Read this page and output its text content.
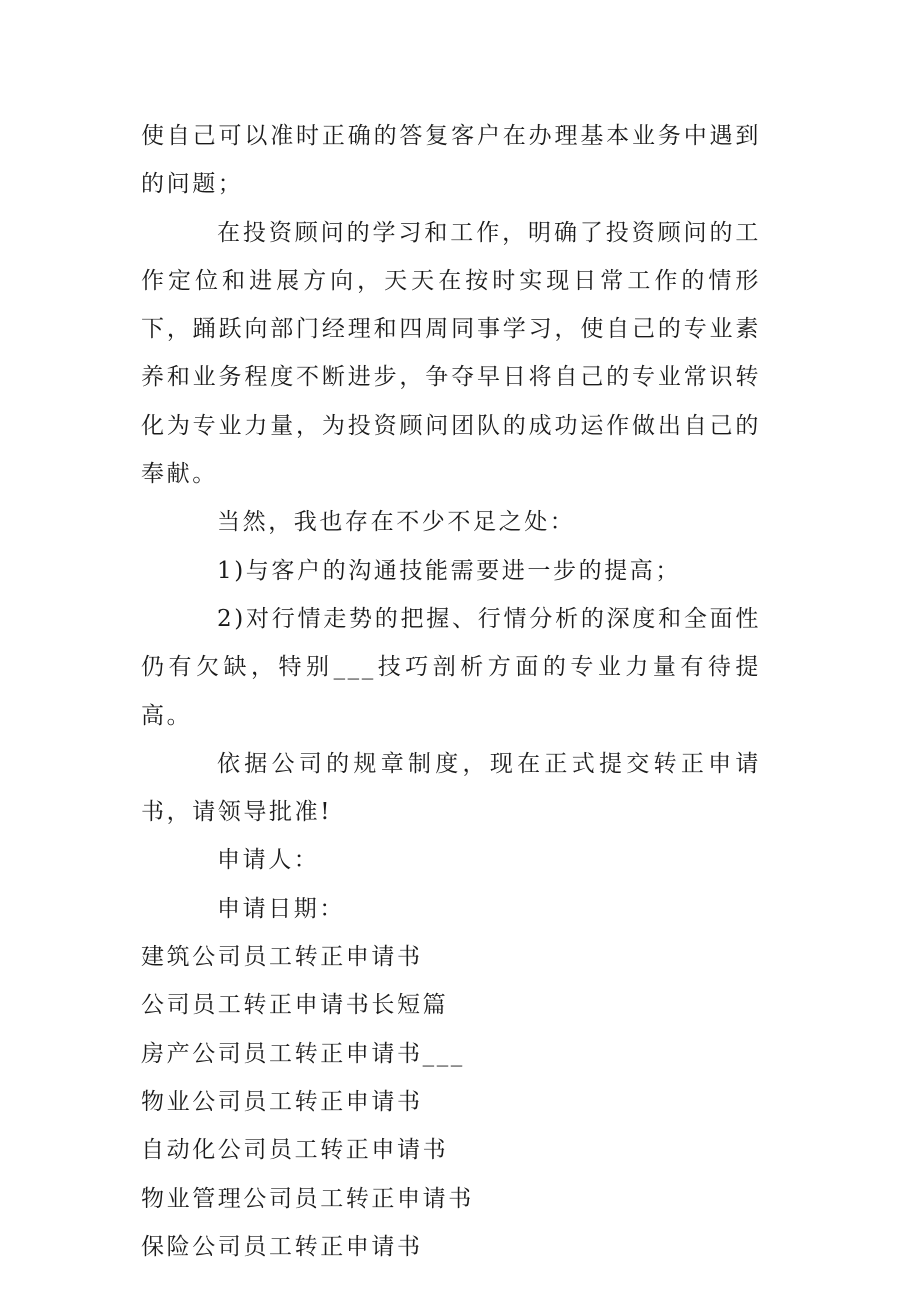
使自己可以准时正确的答复客户在办理基本业务中遇到的问题；

在投资顾问的学习和工作，明确了投资顾问的工作定位和进展方向，天天在按时实现日常工作的情形下，踊跃向部门经理和四周同事学习，使自己的专业素养和业务程度不断进步，争夺早日将自己的专业常识转化为专业力量，为投资顾问团队的成功运作做出自己的奉献。

当然，我也存在不少不足之处：

1)与客户的沟通技能需要进一步的提高；

2)对行情走势的把握、行情分析的深度和全面性仍有欠缺，特别___技巧剖析方面的专业力量有待提高。

依据公司的规章制度，现在正式提交转正申请书，请领导批准!

申请人：

申请日期：

建筑公司员工转正申请书

公司员工转正申请书长短篇

房产公司员工转正申请书___

物业公司员工转正申请书

自动化公司员工转正申请书

物业管理公司员工转正申请书

保险公司员工转正申请书
